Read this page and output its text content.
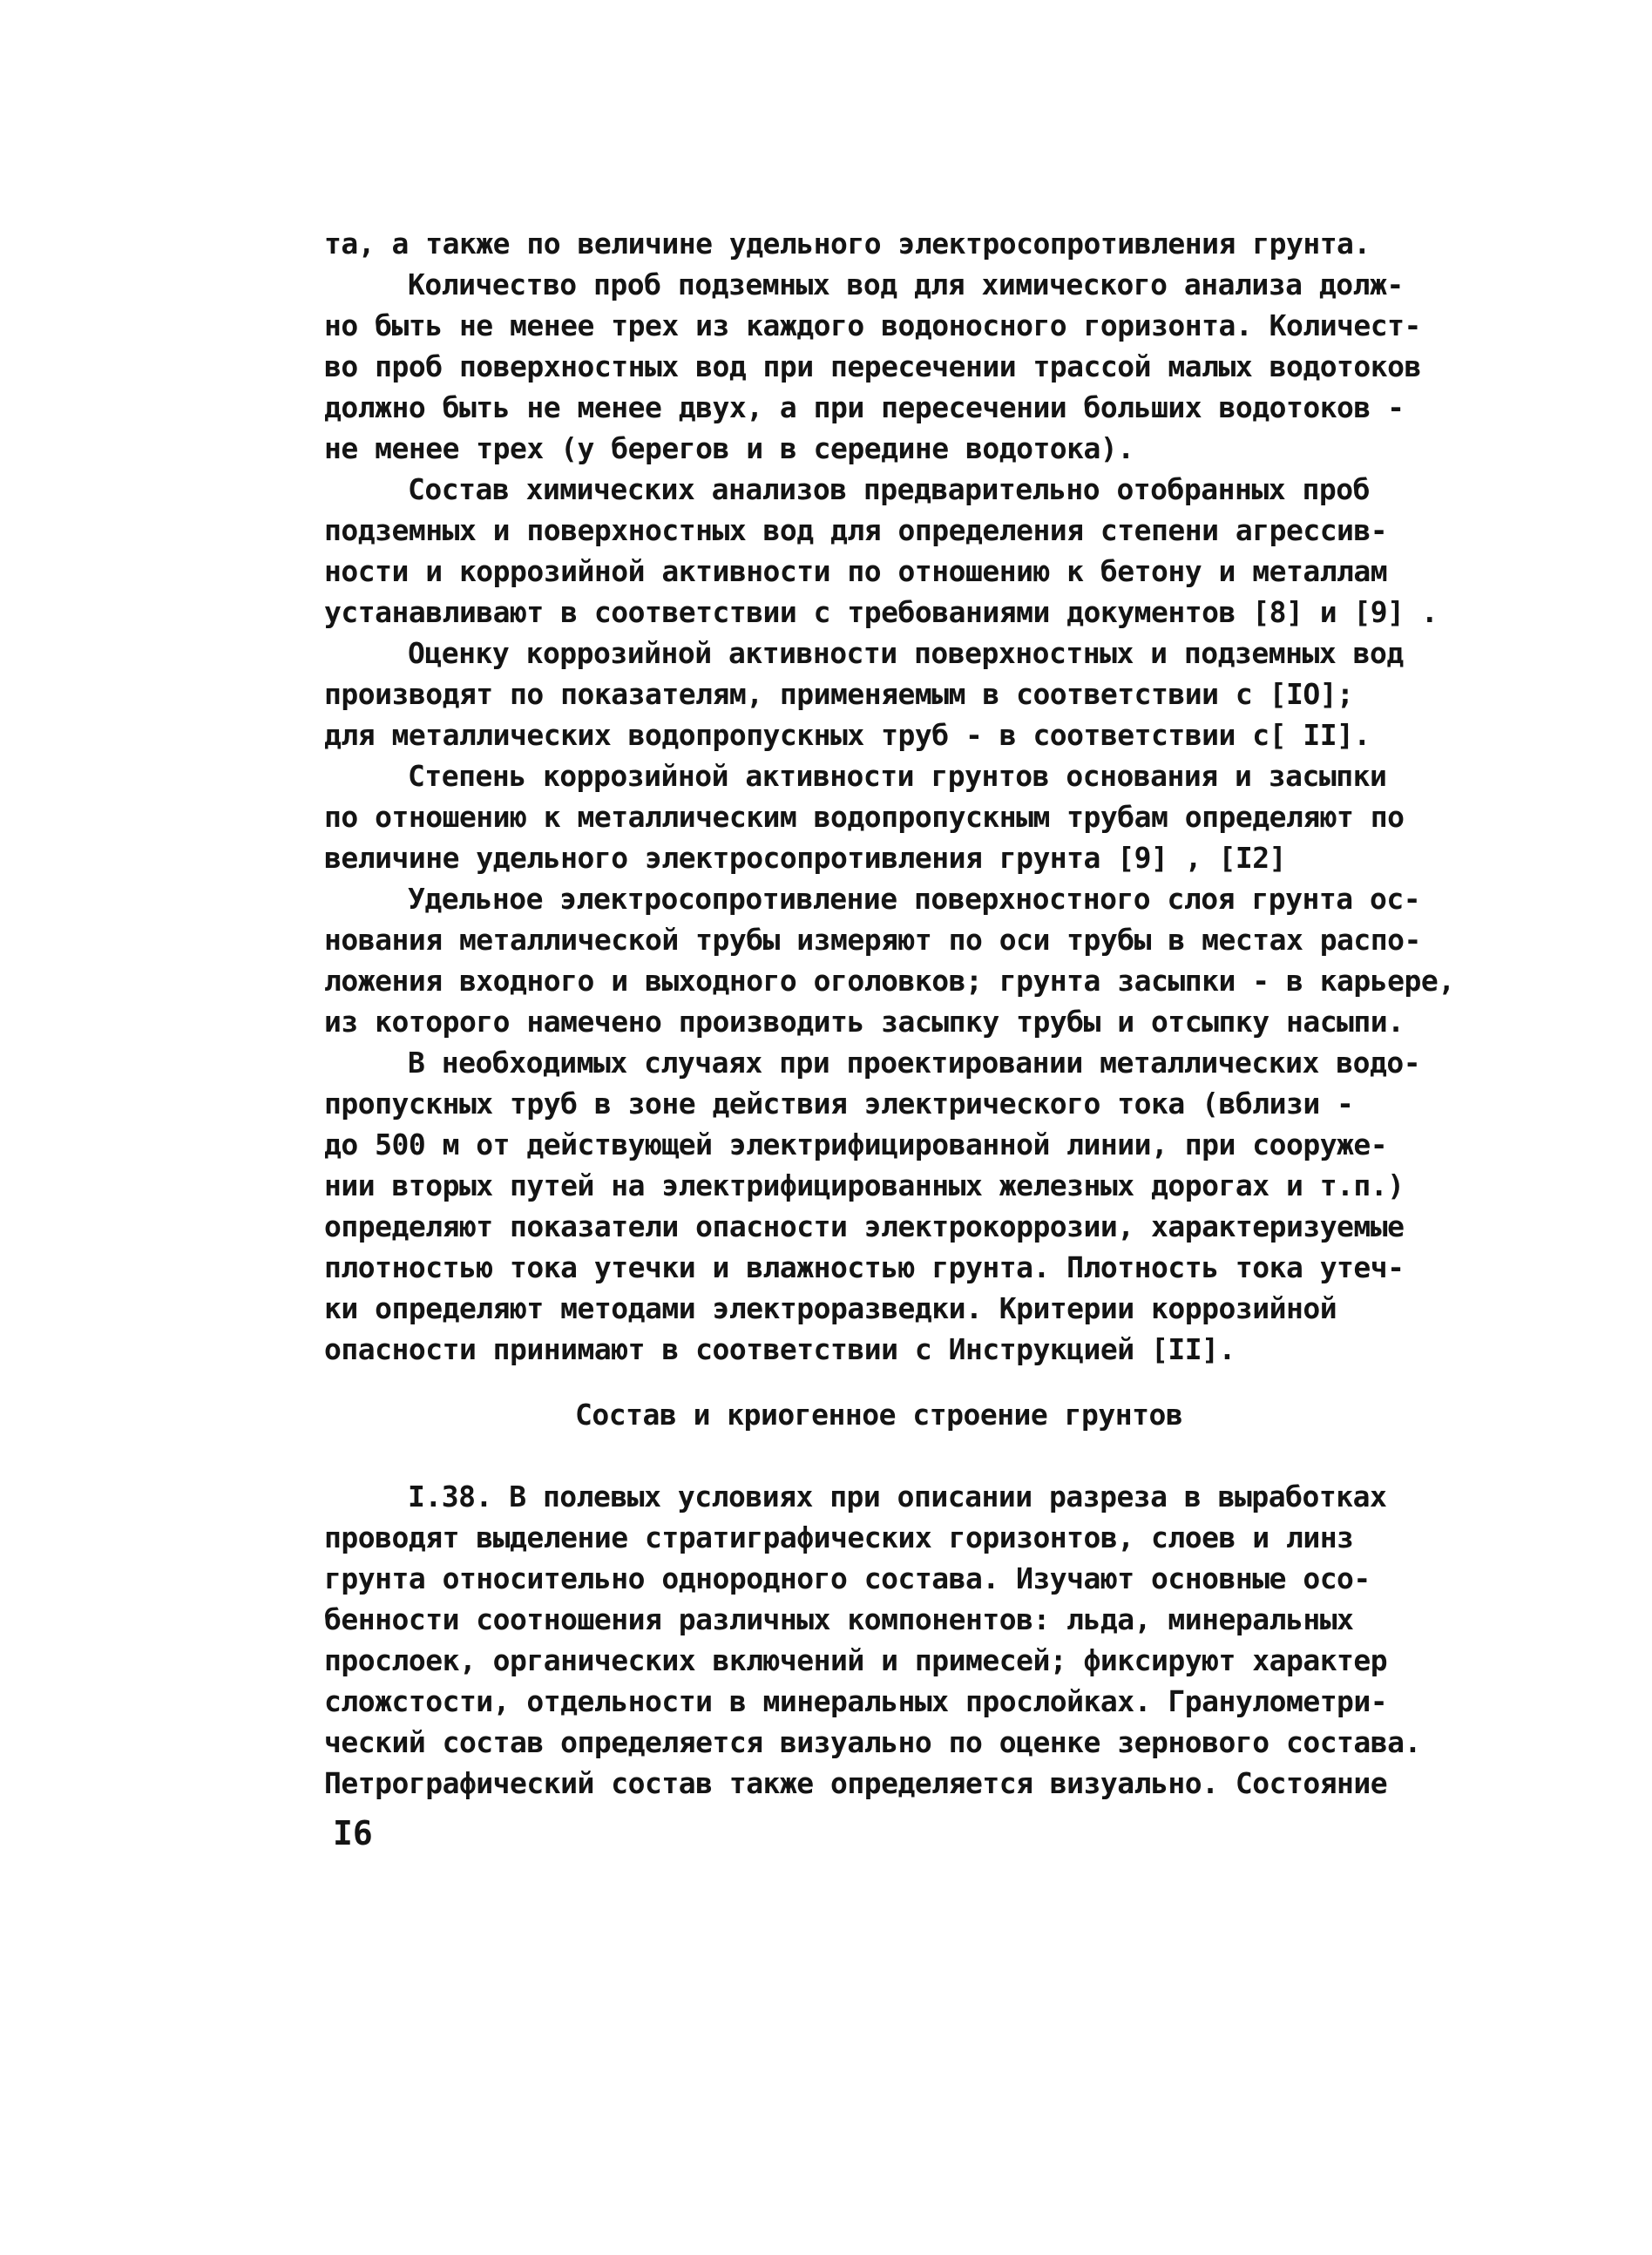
та, а также по величине удельного электросопротивления грунта.
Количество проб подземных вод для химического анализа долж-
но быть не менее трех из каждого водоносного горизонта. Количест-
во проб поверхностных вод при пересечении трассой малых водотоков
должно быть не менее двух, а при пересечении больших водотоков -
не менее трех (у берегов и в середине водотока).
Состав химических анализов предварительно отобранных проб
подземных и поверхностных вод для определения степени агрессив-
ности и коррозийной активности по отношению к бетону и металлам
устанавливают в соответствии с требованиями документов [8] и [9] .
Оценку коррозийной активности поверхностных и подземных вод
производят по показателям, применяемым в соответствии с [IO];
для металлических водопропускных труб - в соответствии с[ II].
Степень коррозийной активности грунтов основания и засыпки
по отношению к металлическим водопропускным трубам определяют по
величине удельного электросопротивления грунта [9] , [I2]
Удельное электросопротивление поверхностного слоя грунта ос-
нования металлической трубы измеряют по оси трубы в местах распо-
ложения входного и выходного оголовков; грунта засыпки - в карьере,
из которого намечено производить засыпку трубы и отсыпку насыпи.
В необходимых случаях при проектировании металлических водо-
пропускных труб в зоне действия электрического тока (вблизи -
до 500 м от действующей электрифицированной линии, при сооруже-
нии вторых путей на электрифицированных железных дорогах и т.п.)
определяют показатели опасности электрокоррозии, характеризуемые
плотностью тока утечки и влажностью грунта. Плотность тока утеч-
ки определяют методами электроразведки. Критерии коррозийной
опасности принимают в соответствии с Инструкцией [II].
Состав и криогенное строение грунтов
I.38. В полевых условиях при описании разреза в выработках
проводят выделение стратиграфических горизонтов, слоев и линз
грунта относительно однородного состава. Изучают основные осо-
бенности соотношения различных компонентов: льда, минеральных
прослоек, органических включений и примесей; фиксируют характер
сложстости, отдельности в минеральных прослойках. Гранулометри-
ческий состав определяется визуально по оценке зернового состава.
Петрографический состав также определяется визуально. Состояние
I6
